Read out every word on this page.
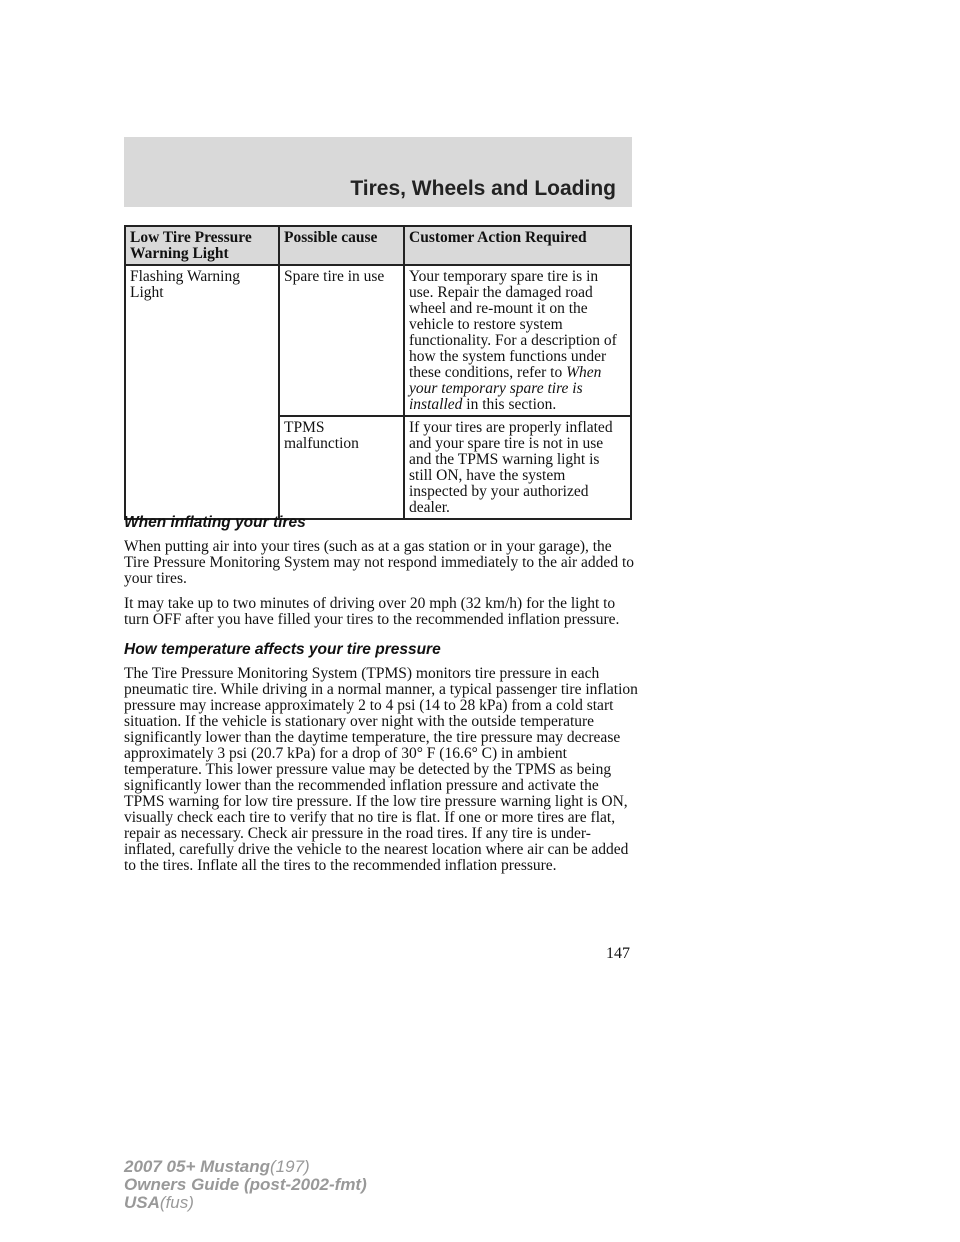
Tires, Wheels and Loading
Low Tire Pressure Warning Light	Possible cause	Customer Action Required
Flashing Warning Light	Spare tire in use	Your temporary spare tire is in use. Repair the damaged road wheel and re-mount it on the vehicle to restore system functionality. For a description of how the system functions under these conditions, refer to When your temporary spare tire is installed in this section.
	TPMS malfunction	If your tires are properly inflated and your spare tire is not in use and the TPMS warning light is still ON, have the system inspected by your authorized dealer.
When inflating your tires

When putting air into your tires (such as at a gas station or in your garage), the Tire Pressure Monitoring System may not respond immediately to the air added to your tires.

It may take up to two minutes of driving over 20 mph (32 km/h) for the light to turn OFF after you have filled your tires to the recommended inflation pressure.

How temperature affects your tire pressure

The Tire Pressure Monitoring System (TPMS) monitors tire pressure in each pneumatic tire. While driving in a normal manner, a typical passenger tire inflation pressure may increase approximately 2 to 4 psi (14 to 28 kPa) from a cold start situation. If the vehicle is stationary over night with the outside temperature significantly lower than the daytime temperature, the tire pressure may decrease approximately 3 psi (20.7 kPa) for a drop of 30° F (16.6° C) in ambient temperature. This lower pressure value may be detected by the TPMS as being significantly lower than the recommended inflation pressure and activate the TPMS warning for low tire pressure. If the low tire pressure warning light is ON, visually check each tire to verify that no tire is flat. If one or more tires are flat, repair as necessary. Check air pressure in the road tires. If any tire is under-inflated, carefully drive the vehicle to the nearest location where air can be added to the tires. Inflate all the tires to the recommended inflation pressure.

147
2007 05+ Mustang(197)
Owners Guide (post-2002-fmt)
USA(fus)
